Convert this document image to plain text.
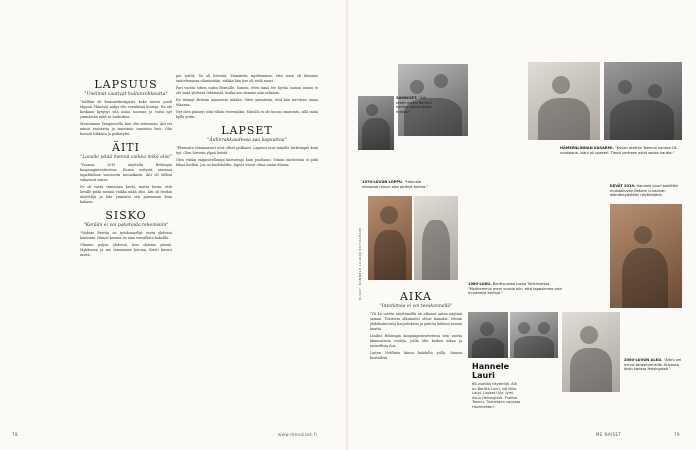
LAPSUUS
"Unelmat vaativat hullunrohkeutta"

"Isälläni oli kranaattinriipaisu koko toisen puoli täynnä. Hänestä näkyi vilu venäläisiä koiruja. En ole koskaan kysynyt sitä asiaa suoraan ja vasta nyt ymmärrän mitä se tarkoittaa.

Muistamme Tampereella, kun olin seitsemän. Äiti vei minut teatteriin ja innostuin tanssista heti. Olin kovasti liikkuva ja poikatyttö.

ÄITI
"Lavalle pitää mennä vaikka mikä olisi"

"Vuonna 2015 näyttelin Helsingin kaupunginteatterissa. Ennen esitystä saamani tapahtuihan suureesta mosaiikista. Äiti oli tällöin vakavasti sairas.

Se oli vasta viimeinen kevät, mutta tiesin, että lavalle pitää mennä vaikka mikä olisi. Äiti oli itsekin näyttelijä ja hän ymmärsi sen paremmin kuin kukaan.

SISKO
"Kerään ei voi paketoida tekemisiin"

"Siskoni Beritta on työskennellyt usein yhdessä kanssani. Hänen kanssa on aina turvallista kokeilla.

Olimme paljon yhdessä, kun olimme pieniä. Mykkonen ja me tanssimme kotona, Kirsti kuvasi meitä.

pui tyttöä. Se oli hirveää. Ymmärsin myöhemmin, että siinä oli ihminen taistelemassa elämästään, vaikka hän itse oli vielä nuori.

Pari vuotta sitten soitin Beritalle. Sanoin, ettei tämä tee hyvää, minun onnen ei ole enää yhdessä tekemistä, koska me olemme niin erilaisia.

En tiennyt Beritan saaneesta mitään. Siten ymmärsin, että hän tarvitsee omaa tilaansa.

Nyt olen päässyt siitä vähän vieremäksi. Minulla ei ole huono omatunto, sillä minä kyllä yritin.

LAPSET
"Äidinrakkaudessa saa kapsuttaa"

"Elemusta riitamaaseri ovat olleet polkaset. Lapseni ovat minulle tärkeimpiä kuin työ. Olen hirveän ylpeä heistä.

Olen vähän vaipasivellumpi kasvattaja kuin puolisoni. Minun mielestäni ei pidä liikaa kieltää. Jos on huolehdittu, lapset voivat ottaa oman tilansa.

78	www.menaiset.fi
SAMIKSET. "Äiti teetti meille Beritan kanssa samanlaiset mekot."
HÄMEENLINNAN KASARMI. "Kuvan otettiin Teemun kanssa 16-vuotiaana. Isäni oli upseeri. Tiesin perheen asiat sodan kautta."
1970-LUVUN LOPPU. "Hannele sinisessä minun olisi pitänyt toimia."	KEVÄT 2019. Hannele Lauri palkittiin muistokuvan Betorin Luuslinan elämäntyöstään näyttelijänä.
1980-LUKU. Beritta-sisko luona Tuhkimoissa. "Myöhemmin meni vuosia niin, että tapasimme vain muutamia kertoja."
2000-LUVUN ALKU. "Äitini vei minut tanssitunneille. Kuvassa äidin kanssa Helsingissä."
KUVAT: HANNELE LAURIN KOTIALBUMI	AIKA
"Intohimoa ei voi teeskennellä"

"Yli 40 vuotta näyttämöllä on alkanut antaa näytinä saman. Teatterin alkutaulut olivat kamalat. Menin yhdeksäntoista harjoituksiin ja päätön kolmen tunnin kautta.

Lisäksi Helsingin kaupunginteatterissa tein useita kiinnostavia rooleja, joilla olin kaiken aikaa ja taiteellista iloa.

Laitan Netflixin kiinni kahdelta yöllä. Samon koutalleni

Hannele
Lauri
66-vuotias näyttelijä. Äiti on Beritta Lauri, isä Niilo Lauri. Lapset Ulla, Jyrki. Asuu Helsingissä. Puoliso Teemu. Tunnetaan sarjasta Hovimestari.
ME NAISET	79
